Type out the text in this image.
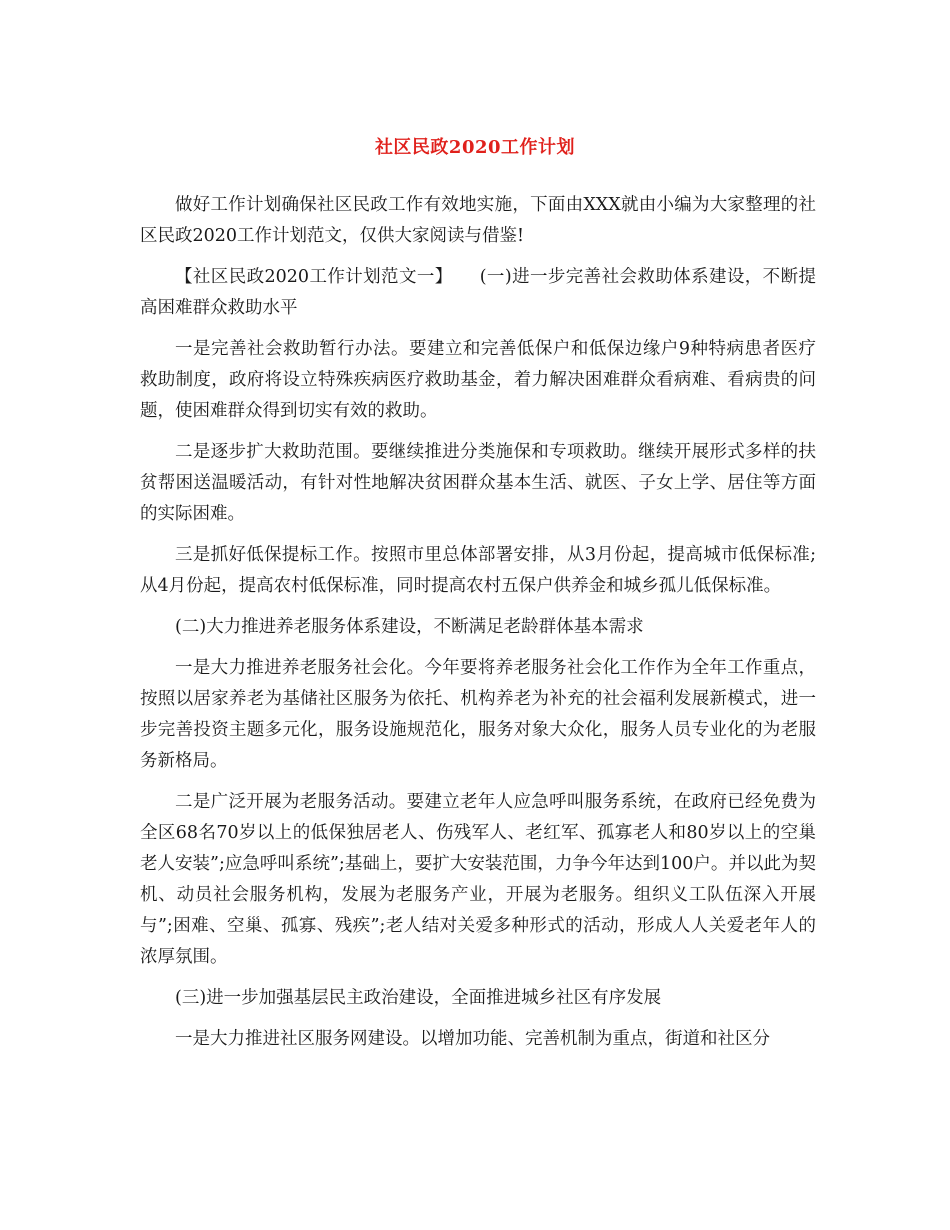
社区民政2020工作计划

做好工作计划确保社区民政工作有效地实施，下面由XXX就由小编为大家整理的社区民政2020工作计划范文，仅供大家阅读与借鉴!

【社区民政2020工作计划范文一】　　(一)进一步完善社会救助体系建设，不断提高困难群众救助水平

一是完善社会救助暂行办法。要建立和完善低保户和低保边缘户9种特病患者医疗救助制度，政府将设立特殊疾病医疗救助基金，着力解决困难群众看病难、看病贵的问题，使困难群众得到切实有效的救助。

二是逐步扩大救助范围。要继续推进分类施保和专项救助。继续开展形式多样的扶贫帮困送温暖活动，有针对性地解决贫困群众基本生活、就医、子女上学、居住等方面的实际困难。

三是抓好低保提标工作。按照市里总体部署安排，从3月份起，提高城市低保标准;从4月份起，提高农村低保标准，同时提高农村五保户供养金和城乡孤儿低保标准。

(二)大力推进养老服务体系建设，不断满足老龄群体基本需求

一是大力推进养老服务社会化。今年要将养老服务社会化工作作为全年工作重点，按照以居家养老为基储社区服务为依托、机构养老为补充的社会福利发展新模式，进一步完善投资主题多元化，服务设施规范化，服务对象大众化，服务人员专业化的为老服务新格局。

二是广泛开展为老服务活动。要建立老年人应急呼叫服务系统，在政府已经免费为全区68名70岁以上的低保独居老人、伤残军人、老红军、孤寡老人和80岁以上的空巢老人安装”;应急呼叫系统”;基础上，要扩大安装范围，力争今年达到100户。并以此为契机、动员社会服务机构，发展为老服务产业，开展为老服务。组织义工队伍深入开展与”;困难、空巢、孤寡、残疾”;老人结对关爱多种形式的活动，形成人人关爱老年人的浓厚氛围。

(三)进一步加强基层民主政治建设，全面推进城乡社区有序发展

一是大力推进社区服务网建设。以增加功能、完善机制为重点，街道和社区分
